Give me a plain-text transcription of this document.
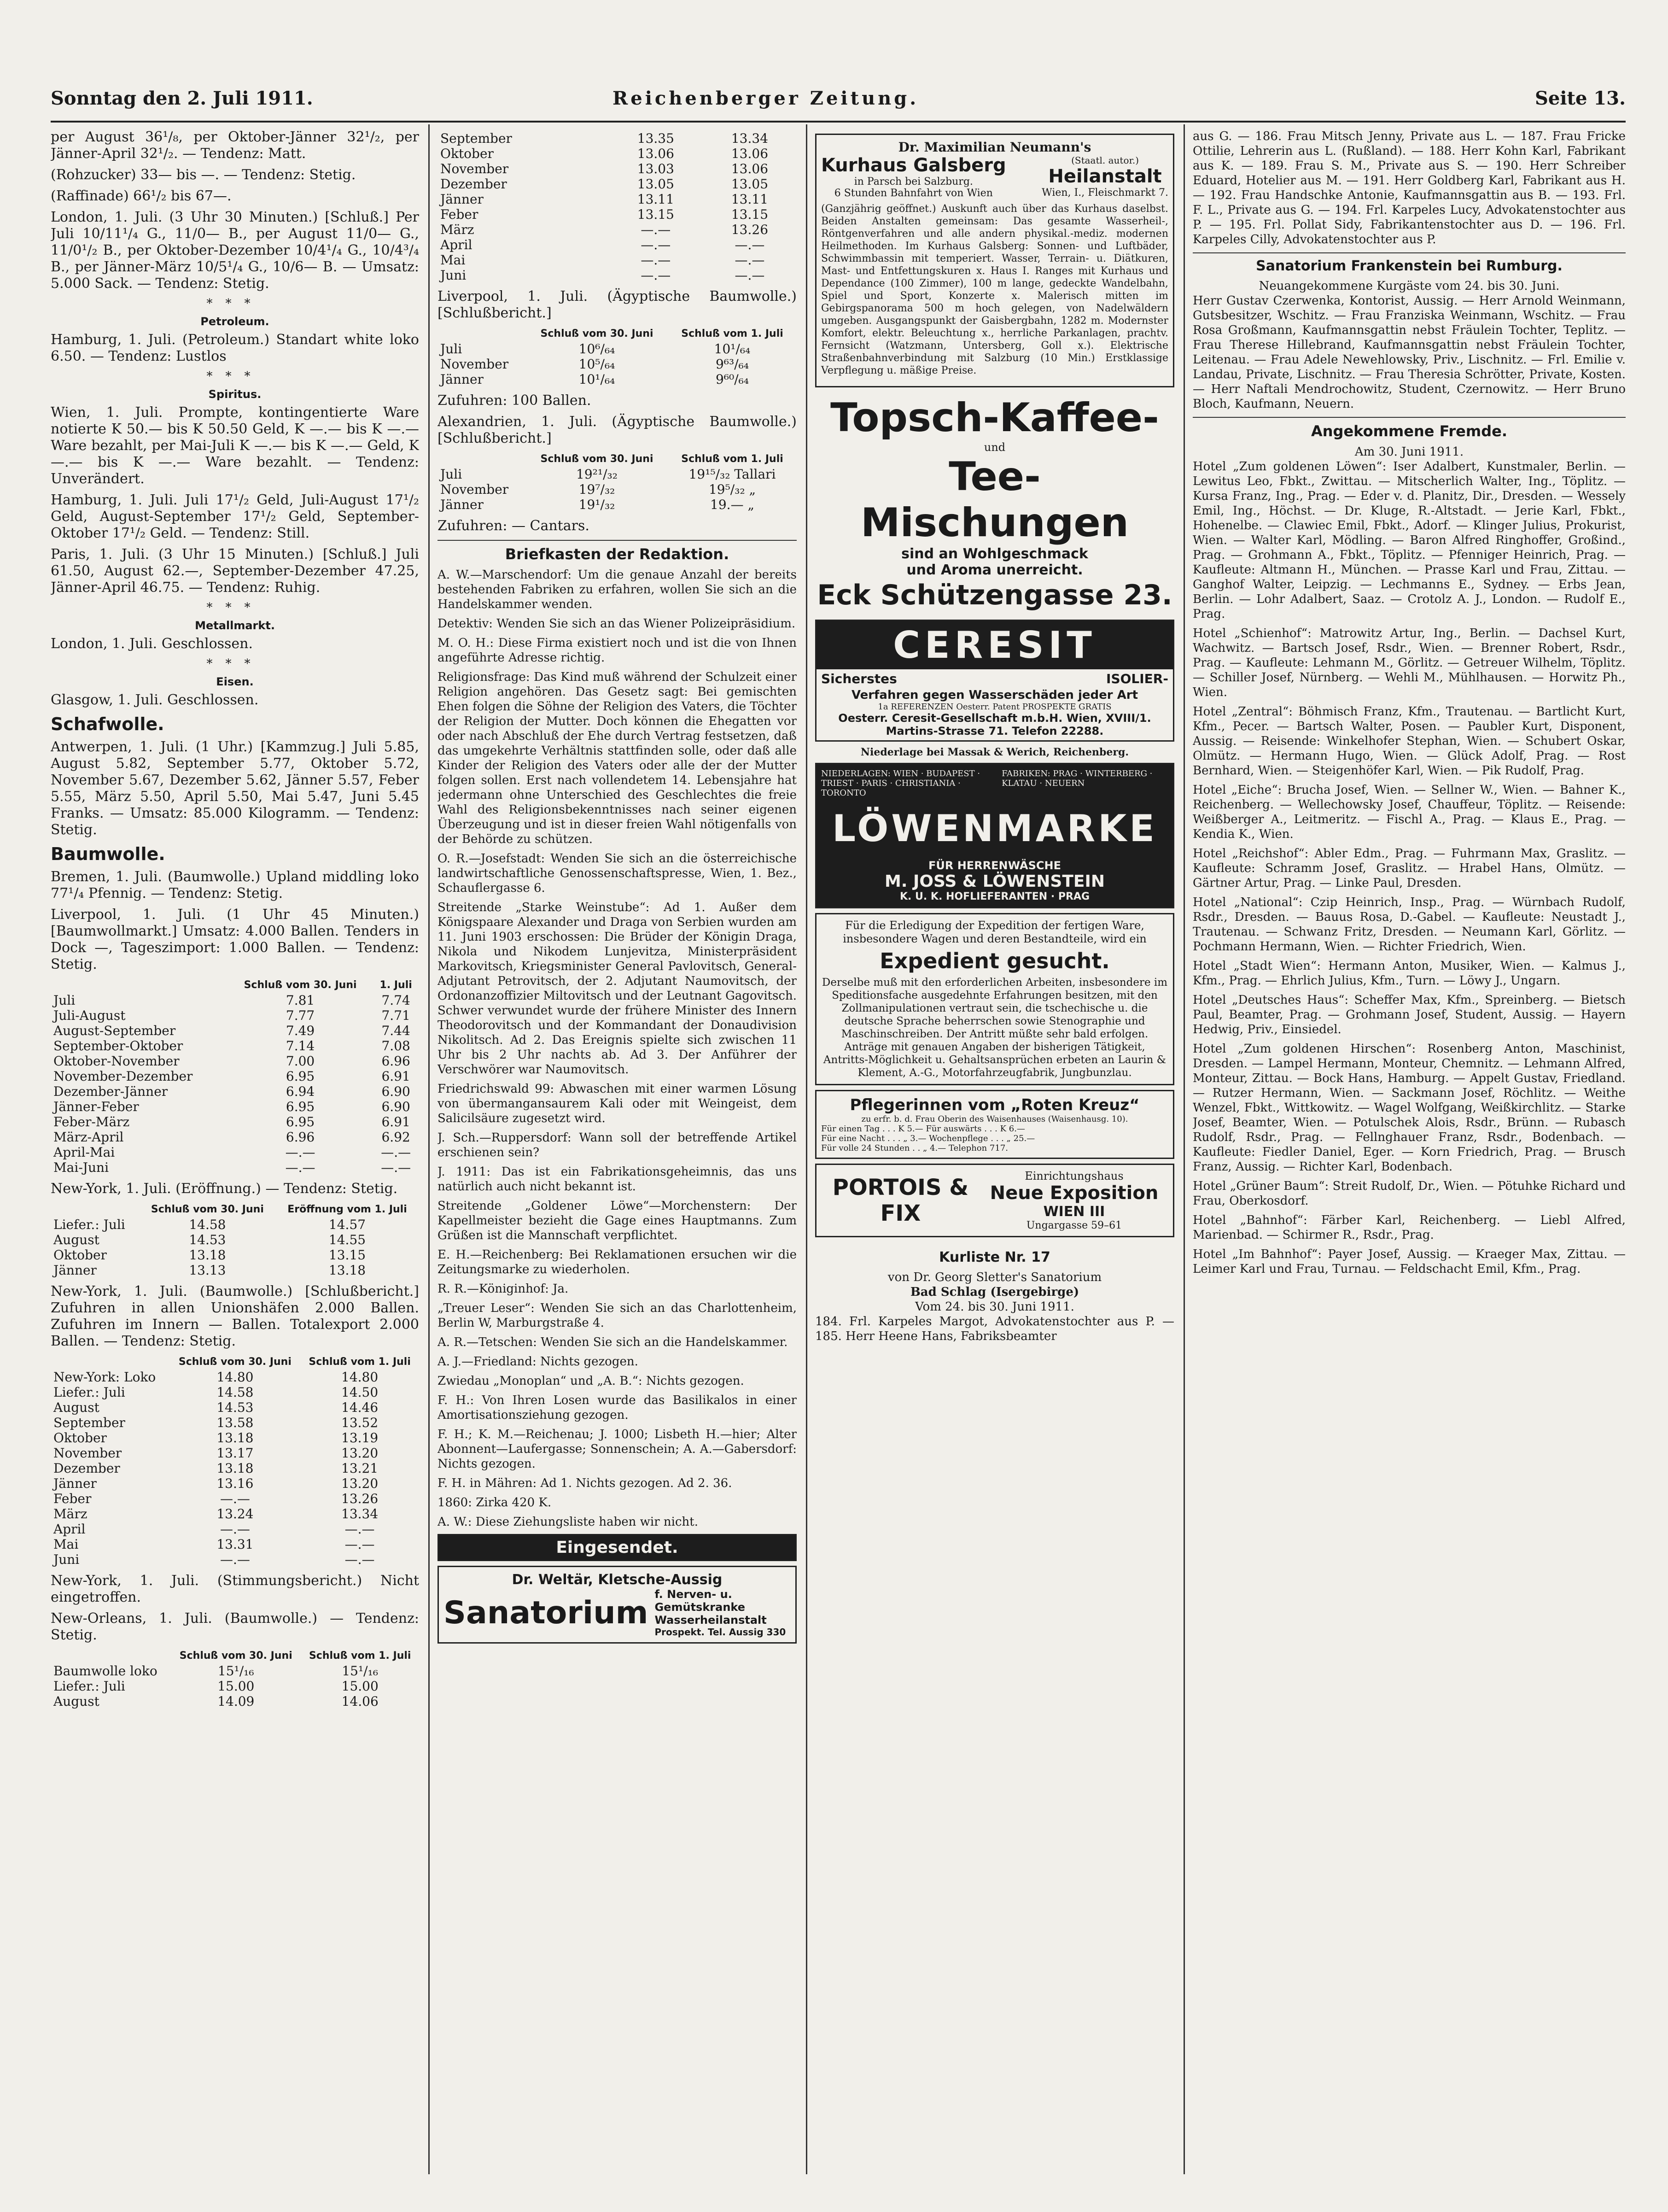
Sonntag den 2. Juli 1911.	Reichenberger Zeitung.	Seite 13.

per August 36¹/₈, per Oktober-Jänner 32¹/₂, per Jänner-April 32¹/₂. — Tendenz: Matt.

(Rohzucker) 33— bis —. — Tendenz: Stetig.

(Raffinade) 66¹/₂ bis 67—.

London, 1. Juli. (3 Uhr 30 Minuten.) [Schluß.] Per Juli 10/11¹/₄ G., 11/0— B., per August 11/0— G., 11/0¹/₂ B., per Oktober-Dezember 10/4¹/₄ G., 10/4³/₄ B., per Jänner-März 10/5¹/₄ G., 10/6— B. — Umsatz: 5.000 Sack. — Tendenz: Stetig.

***
Petroleum.

Hamburg, 1. Juli. (Petroleum.) Standart white loko 6.50. — Tendenz: Lustlos

***
Spiritus.

Wien, 1. Juli. Prompte, kontingentierte Ware notierte K 50.— bis K 50.50 Geld, K —.— bis K —.— Ware bezahlt, per Mai-Juli K —.— bis K —.— Geld, K —.— bis K —.— Ware bezahlt. — Tendenz: Unverändert.

Hamburg, 1. Juli. Juli 17¹/₂ Geld, Juli-August 17¹/₂ Geld, August-September 17¹/₂ Geld, September-Oktober 17¹/₂ Geld. — Tendenz: Still.

Paris, 1. Juli. (3 Uhr 15 Minuten.) [Schluß.] Juli 61.50, August 62.—, September-Dezember 47.25, Jänner-April 46.75. — Tendenz: Ruhig.

***
Metallmarkt.

London, 1. Juli. Geschlossen.

***
Eisen.

Glasgow, 1. Juli. Geschlossen.

Schafwolle.

Antwerpen, 1. Juli. (1 Uhr.) [Kammzug.] Juli 5.85, August 5.82, September 5.77, Oktober 5.72, November 5.67, Dezember 5.62, Jänner 5.57, Feber 5.55, März 5.50, April 5.50, Mai 5.47, Juni 5.45 Franks. — Umsatz: 85.000 Kilogramm. — Tendenz: Stetig.

Baumwolle.

Bremen, 1. Juli. (Baumwolle.) Upland middling loko 77¹/₄ Pfennig. — Tendenz: Stetig.

Liverpool, 1. Juli. (1 Uhr 45 Minuten.) [Baumwollmarkt.] Umsatz: 4.000 Ballen. Tenders in Dock —, Tageszimport: 1.000 Ballen. — Tendenz: Stetig.

	Schluß vom 30. Juni	1. Juli
Juli	7.81	7.74
Juli-August	7.77	7.71
August-September	7.49	7.44
September-Oktober	7.14	7.08
Oktober-November	7.00	6.96
November-Dezember	6.95	6.91
Dezember-Jänner	6.94	6.90
Jänner-Feber	6.95	6.90
Feber-März	6.95	6.91
März-April	6.96	6.92
April-Mai	—.—	—.—
Mai-Juni	—.—	—.—

New-York, 1. Juli. (Eröffnung.) — Tendenz: Stetig.

	Schluß vom 30. Juni	Eröffnung vom 1. Juli
Liefer.: Juli	14.58	14.57
August	14.53	14.55
Oktober	13.18	13.15
Jänner	13.13	13.18

New-York, 1. Juli. (Baumwolle.) [Schlußbericht.] Zufuhren in allen Unionshäfen 2.000 Ballen. Zufuhren im Innern — Ballen. Totalexport 2.000 Ballen. — Tendenz: Stetig.

	Schluß vom 30. Juni	Schluß vom 1. Juli
New-York: Loko	14.80	14.80
Liefer.: Juli	14.58	14.50
August	14.53	14.46
September	13.58	13.52
Oktober	13.18	13.19
November	13.17	13.20
Dezember	13.18	13.21
Jänner	13.16	13.20
Feber	—.—	13.26
März	13.24	13.34
April	—.—	—.—
Mai	13.31	—.—
Juni	—.—	—.—

New-York, 1. Juli. (Stimmungsbericht.) Nicht eingetroffen.

New-Orleans, 1. Juli. (Baumwolle.) — Tendenz: Stetig.

	Schluß vom 30. Juni	Schluß vom 1. Juli
Baumwolle loko	15¹/₁₆	15¹/₁₆
Liefer.: Juli	15.00	15.00
August	14.09	14.06
September	13.35	13.34
Oktober	13.06	13.06
November	13.03	13.06
Dezember	13.05	13.05
Jänner	13.11	13.11
Feber	13.15	13.15
März	—.—	13.26
April	—.—	—.—
Mai	—.—	—.—
Juni	—.—	—.—

Liverpool, 1. Juli. (Ägyptische Baumwolle.) [Schlußbericht.]

	Schluß vom 30. Juni	Schluß vom 1. Juli
Juli	10⁶/₆₄	10¹/₆₄
November	10⁵/₆₄	9⁶³/₆₄
Jänner	10¹/₆₄	9⁶⁰/₆₄

Zufuhren: 100 Ballen.

Alexandrien, 1. Juli. (Ägyptische Baumwolle.) [Schlußbericht.]

	Schluß vom 30. Juni	Schluß vom 1. Juli
Juli	19²¹/₃₂	19¹⁵/₃₂ Tallari
November	19⁷/₃₂	19⁵/₃₂ „
Jänner	19¹/₃₂	19.— „

Zufuhren: — Cantars.

Briefkasten der Redaktion.

A. W.—Marschendorf: Um die genaue Anzahl der bereits bestehenden Fabriken zu erfahren, wollen Sie sich an die Handelskammer wenden.

Detektiv: Wenden Sie sich an das Wiener Polizeipräsidium.

M. O. H.: Diese Firma existiert noch und ist die von Ihnen angeführte Adresse richtig.

Religionsfrage: Das Kind muß während der Schulzeit einer Religion angehören. Das Gesetz sagt: Bei gemischten Ehen folgen die Söhne der Religion des Vaters, die Töchter der Religion der Mutter. Doch können die Ehegatten vor oder nach Abschluß der Ehe durch Vertrag festsetzen, daß das umgekehrte Verhältnis stattfinden solle, oder daß alle Kinder der Religion des Vaters oder alle der der Mutter folgen sollen. Erst nach vollendetem 14. Lebensjahre hat jedermann ohne Unterschied des Geschlechtes die freie Wahl des Religionsbekenntnisses nach seiner eigenen Überzeugung und ist in dieser freien Wahl nötigenfalls von der Behörde zu schützen.

O. R.—Josefstadt: Wenden Sie sich an die österreichische landwirtschaftliche Genossenschaftspresse, Wien, 1. Bez., Schauflergasse 6.

Streitende „Starke Weinstube“: Ad 1. Außer dem Königspaare Alexander und Draga von Serbien wurden am 11. Juni 1903 erschossen: Die Brüder der Königin Draga, Nikola und Nikodem Lunjevitza, Ministerpräsident Markovitsch, Kriegsminister General Pavlovitsch, General-Adjutant Petrovitsch, der 2. Adjutant Naumovitsch, der Ordonanzoffizier Miltovitsch und der Leutnant Gagovitsch. Schwer verwundet wurde der frühere Minister des Innern Theodorovitsch und der Kommandant der Donaudivision Nikolitsch. Ad 2. Das Ereignis spielte sich zwischen 11 Uhr bis 2 Uhr nachts ab. Ad 3. Der Anführer der Verschwörer war Naumovitsch.

Friedrichswald 99: Abwaschen mit einer warmen Lösung von übermangansaurem Kali oder mit Weingeist, dem Salicilsäure zugesetzt wird.

J. Sch.—Ruppersdorf: Wann soll der betreffende Artikel erschienen sein?

J. 1911: Das ist ein Fabrikationsgeheimnis, das uns natürlich auch nicht bekannt ist.

Streitende „Goldener Löwe“—Morchenstern: Der Kapellmeister bezieht die Gage eines Hauptmanns. Zum Grüßen ist die Mannschaft verpflichtet.

E. H.—Reichenberg: Bei Reklamationen ersuchen wir die Zeitungsmarke zu wiederholen.

R. R.—Königinhof: Ja.

„Treuer Leser“: Wenden Sie sich an das Charlottenheim, Berlin W, Marburgstraße 4.

A. R.—Tetschen: Wenden Sie sich an die Handelskammer.

A. J.—Friedland: Nichts gezogen.

Zwiedau „Monoplan“ und „A. B.“: Nichts gezogen.

F. H.: Von Ihren Losen wurde das Basilikalos in einer Amortisationsziehung gezogen.

F. H.; K. M.—Reichenau; J. 1000; Lisbeth H.—hier; Alter Abonnent—Laufergasse; Sonnenschein; A. A.—Gabersdorf: Nichts gezogen.

F. H. in Mähren: Ad 1. Nichts gezogen. Ad 2. 36.

1860: Zirka 420 K.

A. W.: Diese Ziehungsliste haben wir nicht.

Eingesendet.
Dr. Weltär, Kletsche-Aussig
Sanatorium
f. Nerven- u. Gemütskranke
Wasserheilanstalt
Prospekt. Tel. Aussig 330
Dr. Maximilian Neumann's
Kurhaus Galsberg
in Parsch bei Salzburg.
6 Stunden Bahnfahrt von Wien
(Staatl. autor.)
Heilanstalt
Wien, I., Fleischmarkt 7.

(Ganzjährig geöffnet.) Auskunft auch über das Kurhaus daselbst. Beiden Anstalten gemeinsam: Das gesamte Wasserheil-, Röntgenverfahren und alle andern physikal.-mediz. modernen Heilmethoden. Im Kurhaus Galsberg: Sonnen- und Luftbäder, Schwimmbassin mit temperiert. Wasser, Terrain- u. Diätkuren, Mast- und Entfettungskuren x. Haus I. Ranges mit Kurhaus und Dependance (100 Zimmer), 100 m lange, gedeckte Wandelbahn, Spiel und Sport, Konzerte x. Malerisch mitten im Gebirgspanorama 500 m hoch gelegen, von Nadelwäldern umgeben. Ausgangspunkt der Gaisbergbahn, 1282 m. Modernster Komfort, elektr. Beleuchtung x., herrliche Parkanlagen, prachtv. Fernsicht (Watzmann, Untersberg, Goll x.). Elektrische Straßenbahnverbindung mit Salzburg (10 Min.) Erstklassige Verpflegung u. mäßige Preise.

Topsch-Kaffee-
und
Tee-Mischungen
sind an Wohlgeschmack
und Aroma unerreicht.
Eck Schützengasse 23.
CERESIT
Sicherstes	ISOLIER-
Verfahren gegen Wasserschäden jeder Art
1a REFERENZEN Oesterr. Patent PROSPEKTE GRATIS
Oesterr. Ceresit-Gesellschaft m.b.H. Wien, XVIII/1.
Martins-Strasse 71. Telefon 22288.
Niederlage bei Massak & Werich, Reichenberg.
NIEDERLAGEN: WIEN · BUDAPEST · TRIEST · PARIS · CHRISTIANIA · TORONTO
FABRIKEN: PRAG · WINTERBERG · KLATAU · NEUERN
LÖWENMARKE
FÜR HERRENWÄSCHE
M. JOSS & LÖWENSTEIN
K. U. K. HOFLIEFERANTEN · PRAG
Für die Erledigung der Expedition der fertigen Ware, insbesondere Wagen und deren Bestandteile, wird ein
Expedient gesucht.
Derselbe muß mit den erforderlichen Arbeiten, insbesondere im Speditionsfache ausgedehnte Erfahrungen besitzen, mit den Zollmanipulationen vertraut sein, die tschechische u. die deutsche Sprache beherrschen sowie Stenographie und Maschinschreiben. Der Antritt müßte sehr bald erfolgen. Anträge mit genauen Angaben der bisherigen Tätigkeit, Antritts-Möglichkeit u. Gehaltsansprüchen erbeten an Laurin & Klement, A.-G., Motorfahrzeugfabrik, Jungbunzlau.
Pflegerinnen vom „Roten Kreuz“
zu erfr. b. d. Frau Oberin des Waisenhauses (Waisenhausg. 10).
Für einen Tag . . . K 5.— Für auswärts . . . K 6.—
Für eine Nacht . . . „ 3.— Wochenpflege . . . „ 25.—
Für volle 24 Stunden . . „ 4.— Telephon 717.
PORTOIS & FIX
Einrichtungshaus
Neue Exposition
WIEN III
Ungargasse 59–61
Kurliste Nr. 17
von Dr. Georg Sletter's Sanatorium
Bad Schlag (Isergebirge)
Vom 24. bis 30. Juni 1911.

184. Frl. Karpeles Margot, Advokatenstochter aus P. — 185. Herr Heene Hans, Fabriksbeamter

aus G. — 186. Frau Mitsch Jenny, Private aus L. — 187. Frau Fricke Ottilie, Lehrerin aus L. (Rußland). — 188. Herr Kohn Karl, Fabrikant aus K. — 189. Frau S. M., Private aus S. — 190. Herr Schreiber Eduard, Hotelier aus M. — 191. Herr Goldberg Karl, Fabrikant aus H. — 192. Frau Handschke Antonie, Kaufmannsgattin aus B. — 193. Frl. F. L., Private aus G. — 194. Frl. Karpeles Lucy, Advokatenstochter aus P. — 195. Frl. Pollat Sidy, Fabrikantenstochter aus D. — 196. Frl. Karpeles Cilly, Advokatenstochter aus P.

Sanatorium Frankenstein bei Rumburg.
Neuangekommene Kurgäste vom 24. bis 30. Juni.

Herr Gustav Czerwenka, Kontorist, Aussig. — Herr Arnold Weinmann, Gutsbesitzer, Wschitz. — Frau Franziska Weinmann, Wschitz. — Frau Rosa Großmann, Kaufmannsgattin nebst Fräulein Tochter, Teplitz. — Frau Therese Hillebrand, Kaufmannsgattin nebst Fräulein Tochter, Leitenau. — Frau Adele Newehlowsky, Priv., Lischnitz. — Frl. Emilie v. Landau, Private, Lischnitz. — Frau Theresia Schrötter, Private, Kosten. — Herr Naftali Mendrochowitz, Student, Czernowitz. — Herr Bruno Bloch, Kaufmann, Neuern.

Angekommene Fremde.
Am 30. Juni 1911.

Hotel „Zum goldenen Löwen“: Iser Adalbert, Kunstmaler, Berlin. — Lewitus Leo, Fbkt., Zwittau. — Mitscherlich Walter, Ing., Töplitz. — Kursa Franz, Ing., Prag. — Eder v. d. Planitz, Dir., Dresden. — Wessely Emil, Ing., Höchst. — Dr. Kluge, R.-Altstadt. — Jerie Karl, Fbkt., Hohenelbe. — Clawiec Emil, Fbkt., Adorf. — Klinger Julius, Prokurist, Wien. — Walter Karl, Mödling. — Baron Alfred Ringhoffer, Großind., Prag. — Grohmann A., Fbkt., Töplitz. — Pfenniger Heinrich, Prag. — Kaufleute: Altmann H., München. — Prasse Karl und Frau, Zittau. — Ganghof Walter, Leipzig. — Lechmanns E., Sydney. — Erbs Jean, Berlin. — Lohr Adalbert, Saaz. — Crotolz A. J., London. — Rudolf E., Prag.

Hotel „Schienhof“: Matrowitz Artur, Ing., Berlin. — Dachsel Kurt, Wachwitz. — Bartsch Josef, Rsdr., Wien. — Brenner Robert, Rsdr., Prag. — Kaufleute: Lehmann M., Görlitz. — Getreuer Wilhelm, Töplitz. — Schiller Josef, Nürnberg. — Wehli M., Mühlhausen. — Horwitz Ph., Wien.

Hotel „Zentral“: Böhmisch Franz, Kfm., Trautenau. — Bartlicht Kurt, Kfm., Pecer. — Bartsch Walter, Posen. — Paubler Kurt, Disponent, Aussig. — Reisende: Winkelhofer Stephan, Wien. — Schubert Oskar, Olmütz. — Hermann Hugo, Wien. — Glück Adolf, Prag. — Rost Bernhard, Wien. — Steigenhöfer Karl, Wien. — Pik Rudolf, Prag.

Hotel „Eiche“: Brucha Josef, Wien. — Sellner W., Wien. — Bahner K., Reichenberg. — Wellechowsky Josef, Chauffeur, Töplitz. — Reisende: Weißberger A., Leitmeritz. — Fischl A., Prag. — Klaus E., Prag. — Kendia K., Wien.

Hotel „Reichshof“: Abler Edm., Prag. — Fuhrmann Max, Graslitz. — Kaufleute: Schramm Josef, Graslitz. — Hrabel Hans, Olmütz. — Gärtner Artur, Prag. — Linke Paul, Dresden.

Hotel „National“: Czip Heinrich, Insp., Prag. — Würnbach Rudolf, Rsdr., Dresden. — Bauus Rosa, D.-Gabel. — Kaufleute: Neustadt J., Trautenau. — Schwanz Fritz, Dresden. — Neumann Karl, Görlitz. — Pochmann Hermann, Wien. — Richter Friedrich, Wien.

Hotel „Stadt Wien“: Hermann Anton, Musiker, Wien. — Kalmus J., Kfm., Prag. — Ehrlich Julius, Kfm., Turn. — Löwy J., Ungarn.

Hotel „Deutsches Haus“: Scheffer Max, Kfm., Spreinberg. — Bietsch Paul, Beamter, Prag. — Grohmann Josef, Student, Aussig. — Hayern Hedwig, Priv., Einsiedel.

Hotel „Zum goldenen Hirschen“: Rosenberg Anton, Maschinist, Dresden. — Lampel Hermann, Monteur, Chemnitz. — Lehmann Alfred, Monteur, Zittau. — Bock Hans, Hamburg. — Appelt Gustav, Friedland. — Rutzer Hermann, Wien. — Sackmann Josef, Röchlitz. — Weithe Wenzel, Fbkt., Wittkowitz. — Wagel Wolfgang, Weißkirchlitz. — Starke Josef, Beamter, Wien. — Potulschek Alois, Rsdr., Brünn. — Rubasch Rudolf, Rsdr., Prag. — Fellnghauer Franz, Rsdr., Bodenbach. — Kaufleute: Fiedler Daniel, Eger. — Korn Friedrich, Prag. — Brusch Franz, Aussig. — Richter Karl, Bodenbach.

Hotel „Grüner Baum“: Streit Rudolf, Dr., Wien. — Pötuhke Richard und Frau, Oberkosdorf.

Hotel „Bahnhof“: Färber Karl, Reichenberg. — Liebl Alfred, Marienbad. — Schirmer R., Rsdr., Prag.

Hotel „Im Bahnhof“: Payer Josef, Aussig. — Kraeger Max, Zittau. — Leimer Karl und Frau, Turnau. — Feldschacht Emil, Kfm., Prag.
